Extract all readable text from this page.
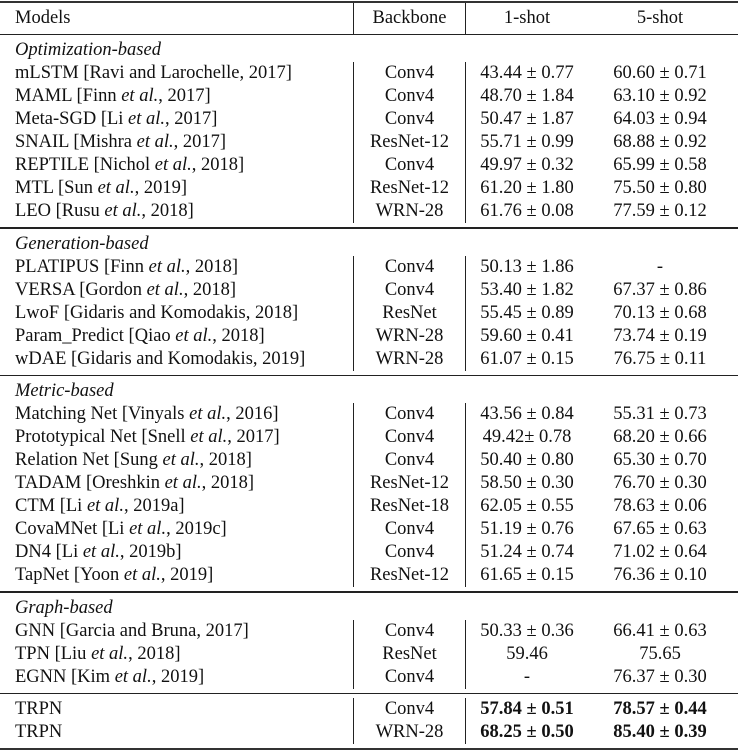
Models	Backbone	1-shot	5-shot
Optimization-based
mLSTM [Ravi and Larochelle, 2017]	Conv4	43.44 ± 0.77	60.60 ± 0.71
MAML [Finn et al., 2017]	Conv4	48.70 ± 1.84	63.10 ± 0.92
Meta-SGD [Li et al., 2017]	Conv4	50.47 ± 1.87	64.03 ± 0.94
SNAIL [Mishra et al., 2017]	ResNet-12	55.71 ± 0.99	68.88 ± 0.92
REPTILE [Nichol et al., 2018]	Conv4	49.97 ± 0.32	65.99 ± 0.58
MTL [Sun et al., 2019]	ResNet-12	61.20 ± 1.80	75.50 ± 0.80
LEO [Rusu et al., 2018]	WRN-28	61.76 ± 0.08	77.59 ± 0.12
Generation-based
PLATIPUS [Finn et al., 2018]	Conv4	50.13 ± 1.86	-
VERSA [Gordon et al., 2018]	Conv4	53.40 ± 1.82	67.37 ± 0.86
LwoF [Gidaris and Komodakis, 2018]	ResNet	55.45 ± 0.89	70.13 ± 0.68
Param_Predict [Qiao et al., 2018]	WRN-28	59.60 ± 0.41	73.74 ± 0.19
wDAE [Gidaris and Komodakis, 2019]	WRN-28	61.07 ± 0.15	76.75 ± 0.11
Metric-based
Matching Net [Vinyals et al., 2016]	Conv4	43.56 ± 0.84	55.31 ± 0.73
Prototypical Net [Snell et al., 2017]	Conv4	49.42± 0.78	68.20 ± 0.66
Relation Net [Sung et al., 2018]	Conv4	50.40 ± 0.80	65.30 ± 0.70
TADAM [Oreshkin et al., 2018]	ResNet-12	58.50 ± 0.30	76.70 ± 0.30
CTM [Li et al., 2019a]	ResNet-18	62.05 ± 0.55	78.63 ± 0.06
CovaMNet [Li et al., 2019c]	Conv4	51.19 ± 0.76	67.65 ± 0.63
DN4 [Li et al., 2019b]	Conv4	51.24 ± 0.74	71.02 ± 0.64
TapNet [Yoon et al., 2019]	ResNet-12	61.65 ± 0.15	76.36 ± 0.10
Graph-based
GNN [Garcia and Bruna, 2017]	Conv4	50.33 ± 0.36	66.41 ± 0.63
TPN [Liu et al., 2018]	ResNet	59.46	75.65
EGNN [Kim et al., 2019]	Conv4	-	76.37 ± 0.30
TRPN	Conv4	57.84 ± 0.51	78.57 ± 0.44
TRPN	WRN-28	68.25 ± 0.50	85.40 ± 0.39
